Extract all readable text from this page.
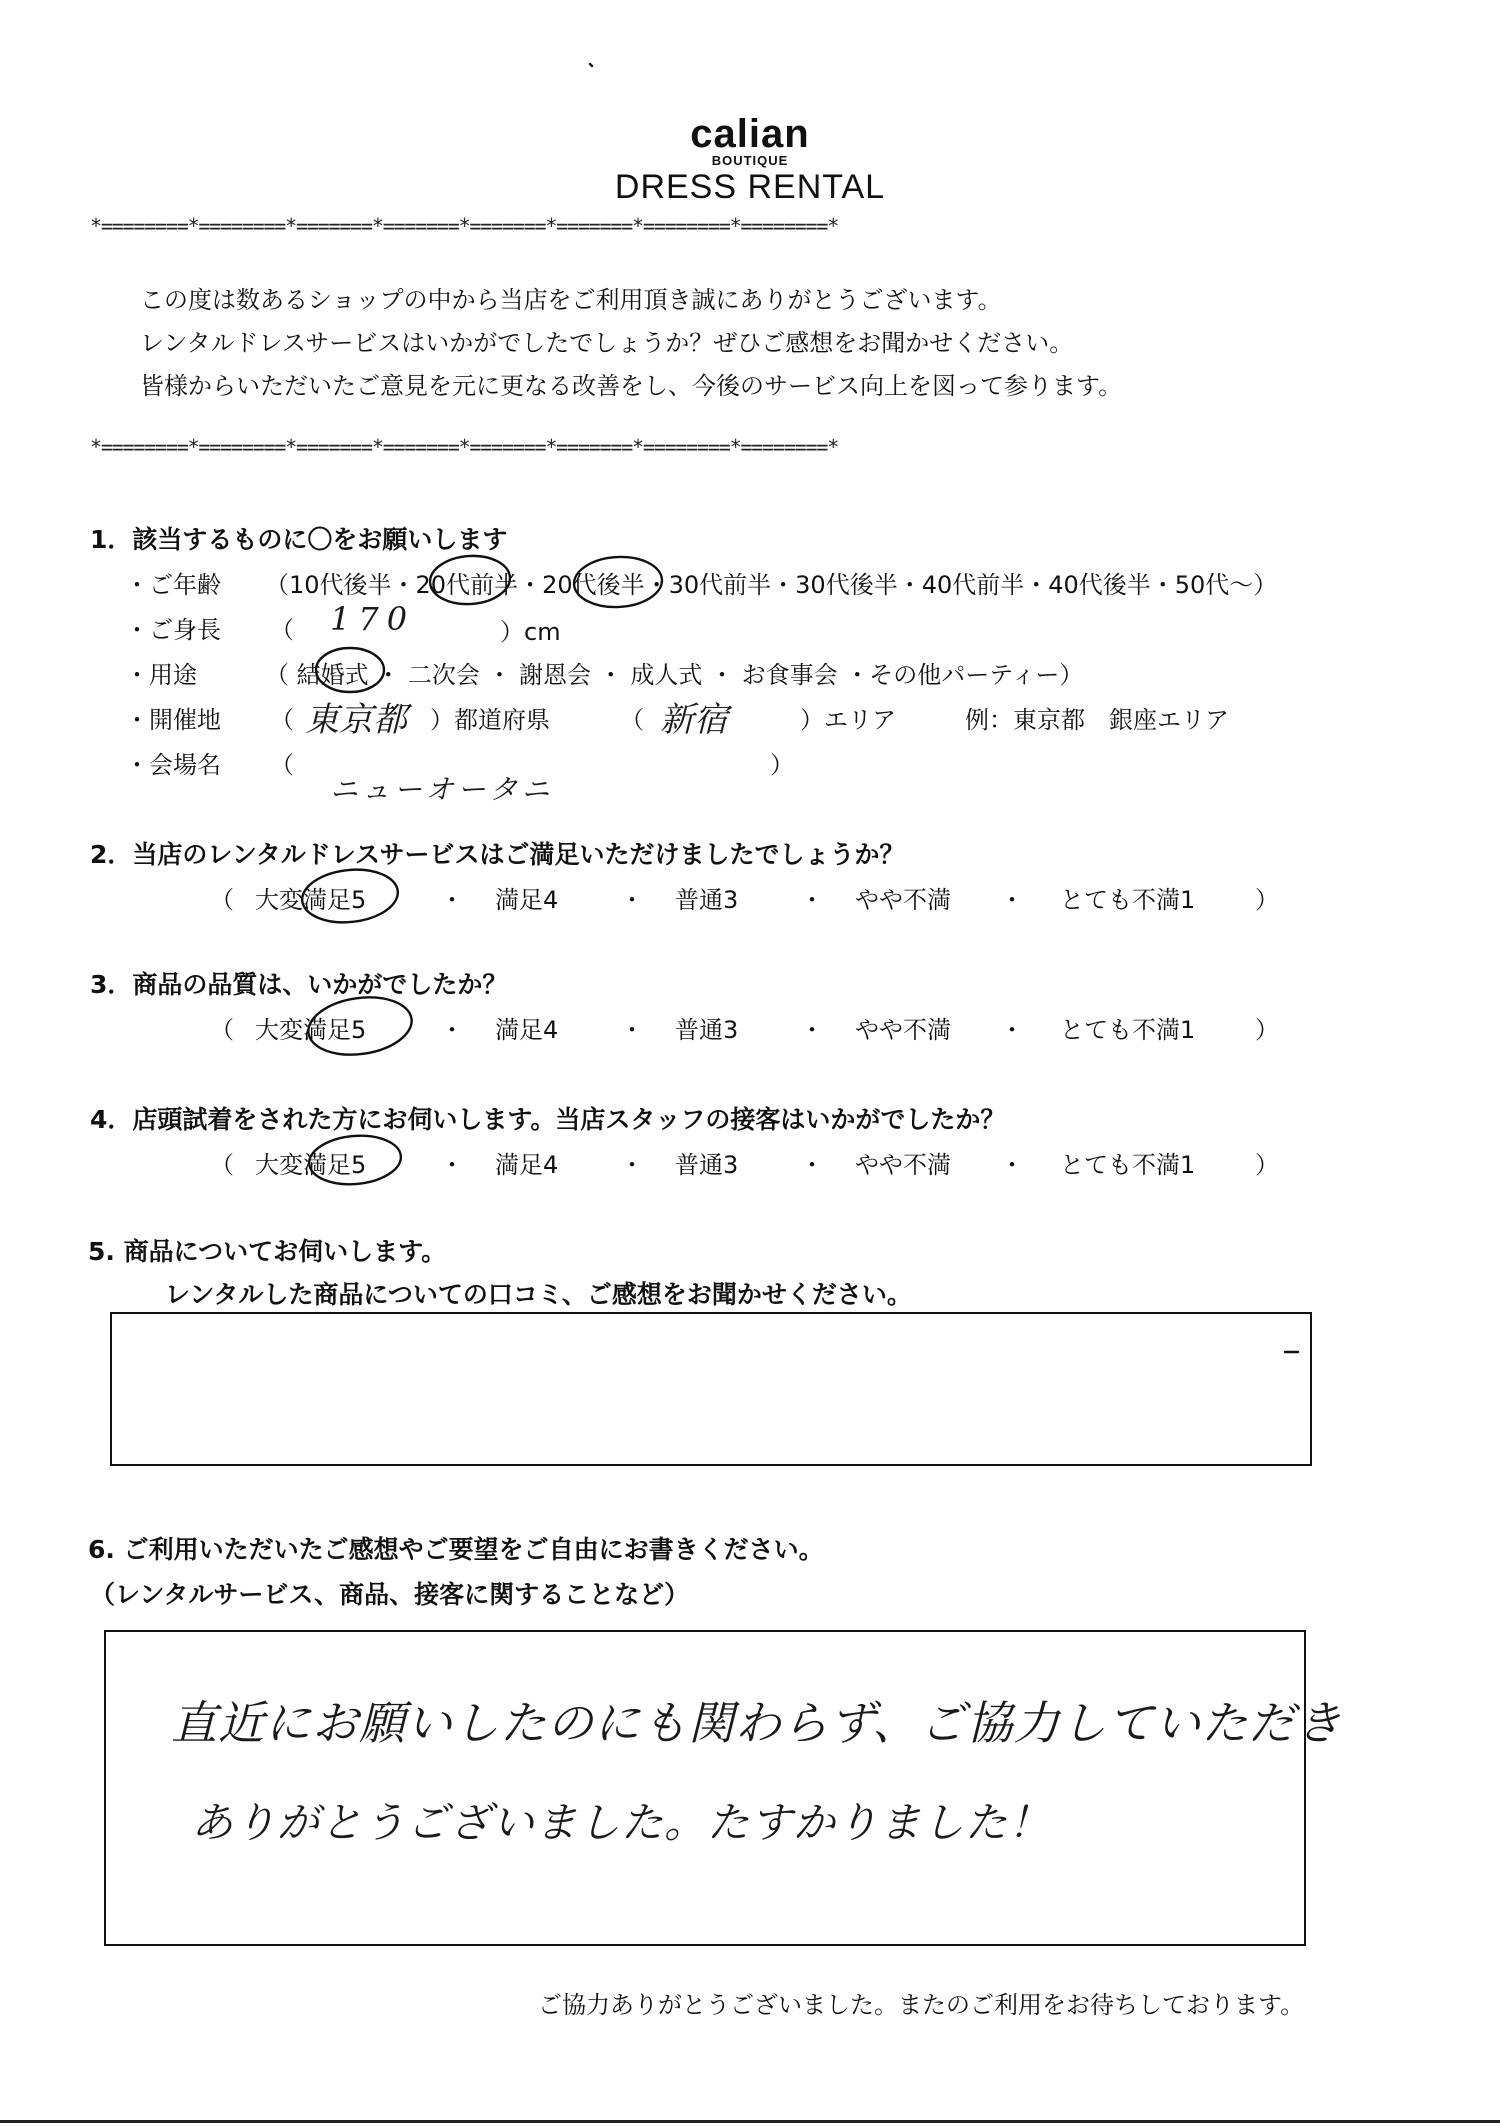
calian
BOUTIQUE
DRESS RENTAL
*========*========*=======*=======*=======*=======*========*========*
この度は数あるショップの中から当店をご利用頂き誠にありがとうございます。
レンタルドレスサービスはいかがでしたでしょうか？ぜひご感想をお聞かせください。
皆様からいただいたご意見を元に更なる改善をし、今後のサービス向上を図って参ります。
*========*========*=======*=======*=======*=======*========*========*
1．該当するものに〇をお願いします
・ご年齢 （10代後半・20代前半・20代後半・30代前半・30代後半・40代前半・40代後半・50代～）
・ご身長 （ 170	）cm
・用途	（ 結婚式 ・ 二次会 ・ 謝恩会 ・ 成人式 ・ お食事会 ・その他パーティー）
・開催地 （ 東京都 ）都道府県	（ 新宿	）エリア	例：東京都　銀座エリア
・会場名 （	）
ニューオータニ
2．当店のレンタルドレスサービスはご満足いただけましたでしょうか？
（ 大変満足5	・ 満足4	・ 普通3	・ やや不満 ・ とても不満1 ）
3．商品の品質は、いかがでしたか？
（ 大変満足5	・ 満足4	・ 普通3	・ やや不満 ・ とても不満1 ）
4．店頭試着をされた方にお伺いします。当店スタッフの接客はいかがでしたか？
（ 大変満足5	・ 満足4	・ 普通3	・ やや不満 ・ とても不満1 ）
5. 商品についてお伺いします。
レンタルした商品についての口コミ、ご感想をお聞かせください。
6. ご利用いただいたご感想やご要望をご自由にお書きください。
（レンタルサービス、商品、接客に関することなど）
直近にお願いしたのにも関わらず、ご協力していただき
ありがとうございました。たすかりました！
ご協力ありがとうございました。またのご利用をお待ちしております。
